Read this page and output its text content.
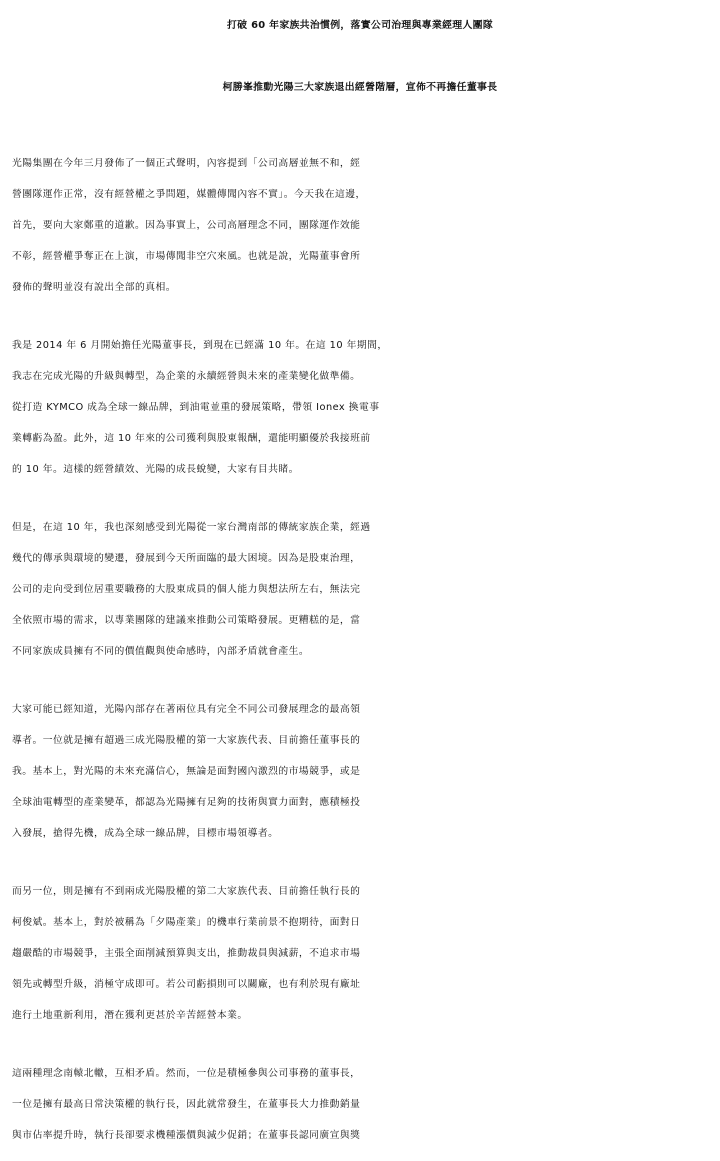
打破 60 年家族共治慣例，落實公司治理與專業經理人團隊
柯勝峯推動光陽三大家族退出經營階層，宣佈不再擔任董事長
光陽集團在今年三月發佈了一個正式聲明，內容提到「公司高層並無不和，經
營團隊運作正常，沒有經營權之爭問題，媒體傳聞內容不實」。今天我在這邊，
首先，要向大家鄭重的道歉。因為事實上，公司高層理念不同，團隊運作效能
不彰，經營權爭奪正在上演，市場傳聞非空穴來風。也就是說，光陽董事會所
發佈的聲明並沒有說出全部的真相。
我是 2014 年 6 月開始擔任光陽董事長，到現在已經滿 10 年。在這 10 年期間，
我志在完成光陽的升級與轉型，為企業的永續經營與未來的產業變化做準備。
從打造 KYMCO 成為全球一線品牌，到油電並重的發展策略，帶領 Ionex 換電事
業轉虧為盈。此外，這 10 年來的公司獲利與股東報酬，還能明顯優於我接班前
的 10 年。這樣的經營績效、光陽的成長蛻變，大家有目共睹。
但是，在這 10 年，我也深刻感受到光陽從一家台灣南部的傳統家族企業，經過
幾代的傳承與環境的變遷，發展到今天所面臨的最大困境。因為是股東治理，
公司的走向受到位居重要職務的大股東成員的個人能力與想法所左右，無法完
全依照市場的需求，以專業團隊的建議來推動公司策略發展。更糟糕的是，當
不同家族成員擁有不同的價值觀與使命感時，內部矛盾就會產生。
大家可能已經知道，光陽內部存在著兩位具有完全不同公司發展理念的最高領
導者。一位就是擁有超過三成光陽股權的第一大家族代表、目前擔任董事長的
我。基本上，對光陽的未來充滿信心，無論是面對國內激烈的市場競爭，或是
全球油電轉型的產業變革，都認為光陽擁有足夠的技術與實力面對，應積極投
入發展，搶得先機，成為全球一線品牌，目標市場領導者。
而另一位，則是擁有不到兩成光陽股權的第二大家族代表、目前擔任執行長的
柯俊斌。基本上，對於被稱為「夕陽產業」的機車行業前景不抱期待，面對日
趨嚴酷的市場競爭，主張全面削減預算與支出，推動裁員與減薪，不追求市場
領先或轉型升級，消極守成即可。若公司虧損則可以關廠，也有利於現有廠址
進行土地重新利用，潛在獲利更甚於辛苦經營本業。
這兩種理念南轅北轍，互相矛盾。然而，一位是積極參與公司事務的董事長，
一位是擁有最高日常決策權的執行長，因此就常發生，在董事長大力推動銷量
與市佔率提升時，執行長卻要求機種漲價與減少促銷；在董事長認同廣宣與獎
